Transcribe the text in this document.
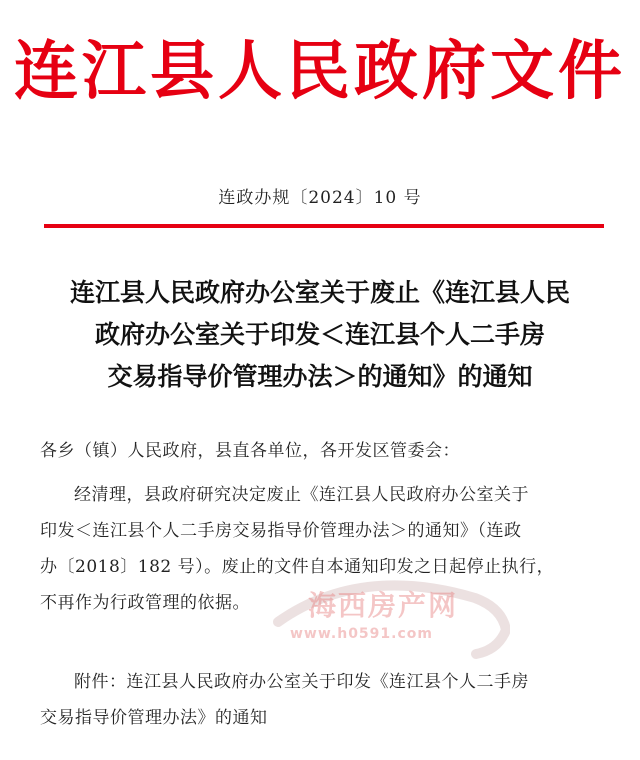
连江县人民政府文件
连政办规〔2024〕10 号
连江县人民政府办公室关于废止《连江县人民
政府办公室关于印发＜连江县个人二手房
交易指导价管理办法＞的通知》的通知
各乡（镇）人民政府，县直各单位，各开发区管委会：
经清理，县政府研究决定废止《连江县人民政府办公室关于
印发＜连江县个人二手房交易指导价管理办法＞的通知》（连政
办〔2018〕182 号）。废止的文件自本通知印发之日起停止执行，
不再作为行政管理的依据。
附件：连江县人民政府办公室关于印发《连江县个人二手房
交易指导价管理办法》的通知
海西房产网
www.h0591.com
